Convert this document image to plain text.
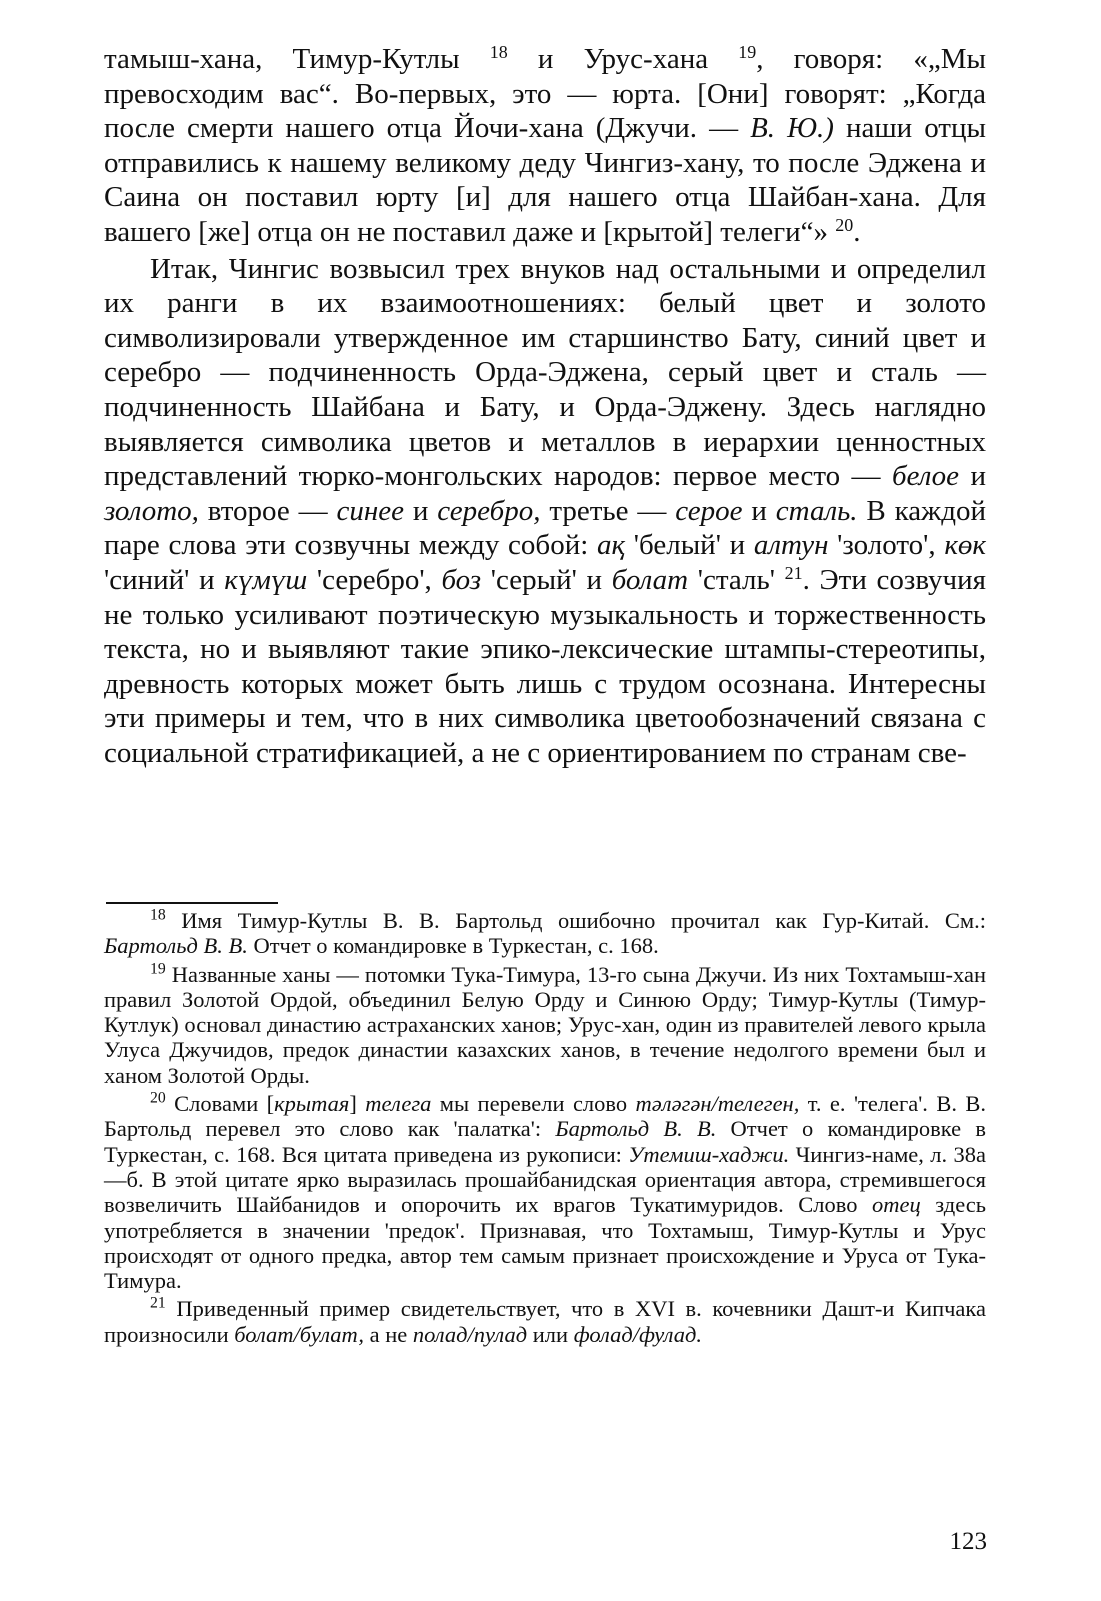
тамыш-хана, Тимур-Кутлы $^{18}$ и Урус-хана $^{19}$, говоря: «„Мы превосходим вас“. Во-первых, это — юрта. [Они] говорят: „Когда после смерти нашего отца Йочи-хана (Джучи. — В. Ю.) наши отцы отправились к нашему великому деду Чингиз-хану, то после Эджена и Саина он поставил юрту [и] для нашего отца Шайбан-хана. Для вашего [же] отца он не поставил даже и [крытой] телеги“» $^{20}$.

Итак, Чингис возвысил трех внуков над остальными и определил их ранги в их взаимоотношениях: белый цвет и золото символизировали утвержденное им старшинство Бату, синий цвет и серебро — подчиненность Орда-Эджена, серый цвет и сталь — подчиненность Шайбана и Бату, и Орда-Эджену. Здесь наглядно выявляется символика цветов и металлов в иерархии ценностных представлений тюрко-монгольских народов: первое место — белое и золото, второе — синее и серебро, третье — серое и сталь. В каждой паре слова эти созвучны между собой: ақ 'белый' и алтун 'золото', көк 'синий' и күмүш 'серебро', боз 'серый' и болат 'сталь' $^{21}$. Эти созвучия не только усиливают поэтическую музыкальность и торжественность текста, но и выявляют такие эпико-лексические штампы-стереотипы, древность которых может быть лишь с трудом осознана. Интересны эти примеры и тем, что в них символика цветообозначений связана с социальной стратификацией, а не с ориентированием по странам све-

$^{18}$ Имя Тимур-Кутлы В. В. Бартольд ошибочно прочитал как Гур-Китай. См.: Бартольд В. В. Отчет о командировке в Туркестан, с. 168.

$^{19}$ Названные ханы — потомки Тука-Тимура, 13-го сына Джучи. Из них Тохтамыш-хан правил Золотой Ордой, объединил Белую Орду и Синюю Орду; Тимур-Кутлы (Тимур-Кутлук) основал династию астраханских ханов; Урус-хан, один из правителей левого крыла Улуса Джучидов, предок династии казахских ханов, в течение недолгого времени был и ханом Золотой Орды.

$^{20}$ Словами [крытая] телега мы перевели слово тəлəгəн/телеген, т. е. 'телега'. В. В. Бартольд перевел это слово как 'палатка': Бартольд В. В. Отчет о командировке в Туркестан, с. 168. Вся цитата приведена из рукописи: Утемиш-хаджи. Чингиз-наме, л. 38а—б. В этой цитате ярко выразилась прошайбанидская ориентация автора, стремившегося возвеличить Шайбанидов и опорочить их врагов Тукатимуридов. Слово отец здесь употребляется в значении 'предок'. Признавая, что Тохтамыш, Тимур-Кутлы и Урус происходят от одного предка, автор тем самым признает происхождение и Уруса от Тука-Тимура.

$^{21}$ Приведенный пример свидетельствует, что в XVI в. кочевники Дашт-и Кипчака произносили болат/булат, а не полад/пулад или фолад/фулад.

123
